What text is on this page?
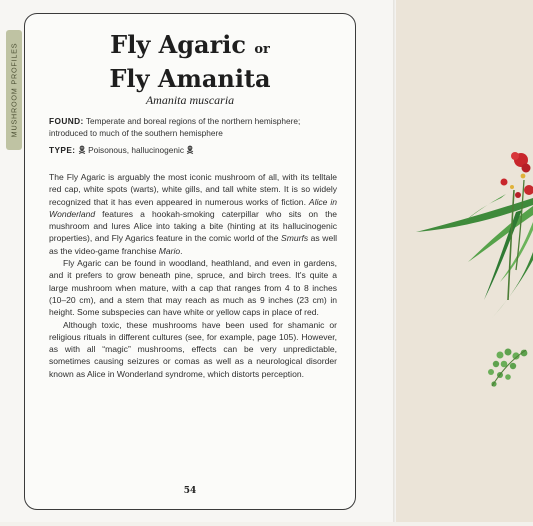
MUSHROOM PROFILES	Fly Agaric or
Fly Amanita
Amanita muscaria
FOUND: Temperate and boreal regions of the northern hemisphere; introduced to much of the southern hemisphere
TYPE: Poisonous, hallucinogenic

The Fly Agaric is arguably the most iconic mushroom of all, with its telltale red cap, white spots (warts), white gills, and tall white stem. It is so widely recognized that it has even appeared in numerous works of fiction. Alice in Wonderland features a hookah-smoking caterpillar who sits on the mushroom and lures Alice into taking a bite (hinting at its hallucinogenic properties), and Fly Agarics feature in the comic world of the Smurfs as well as the video-game franchise Mario.

Fly Agaric can be found in woodland, heathland, and even in gardens, and it prefers to grow beneath pine, spruce, and birch trees. It's quite a large mushroom when mature, with a cap that ranges from 4 to 8 inches (10–20 cm), and a stem that may reach as much as 9 inches (23 cm) in height. Some subspecies can have white or yellow caps in place of red.

Although toxic, these mushrooms have been used for shamanic or religious rituals in different cultures (see, for example, page 105). However, as with all “magic” mushrooms, effects can be very unpredictable, sometimes causing seizures or comas as well as a neurological disorder known as Alice in Wonderland syndrome, which distorts perception.

54
